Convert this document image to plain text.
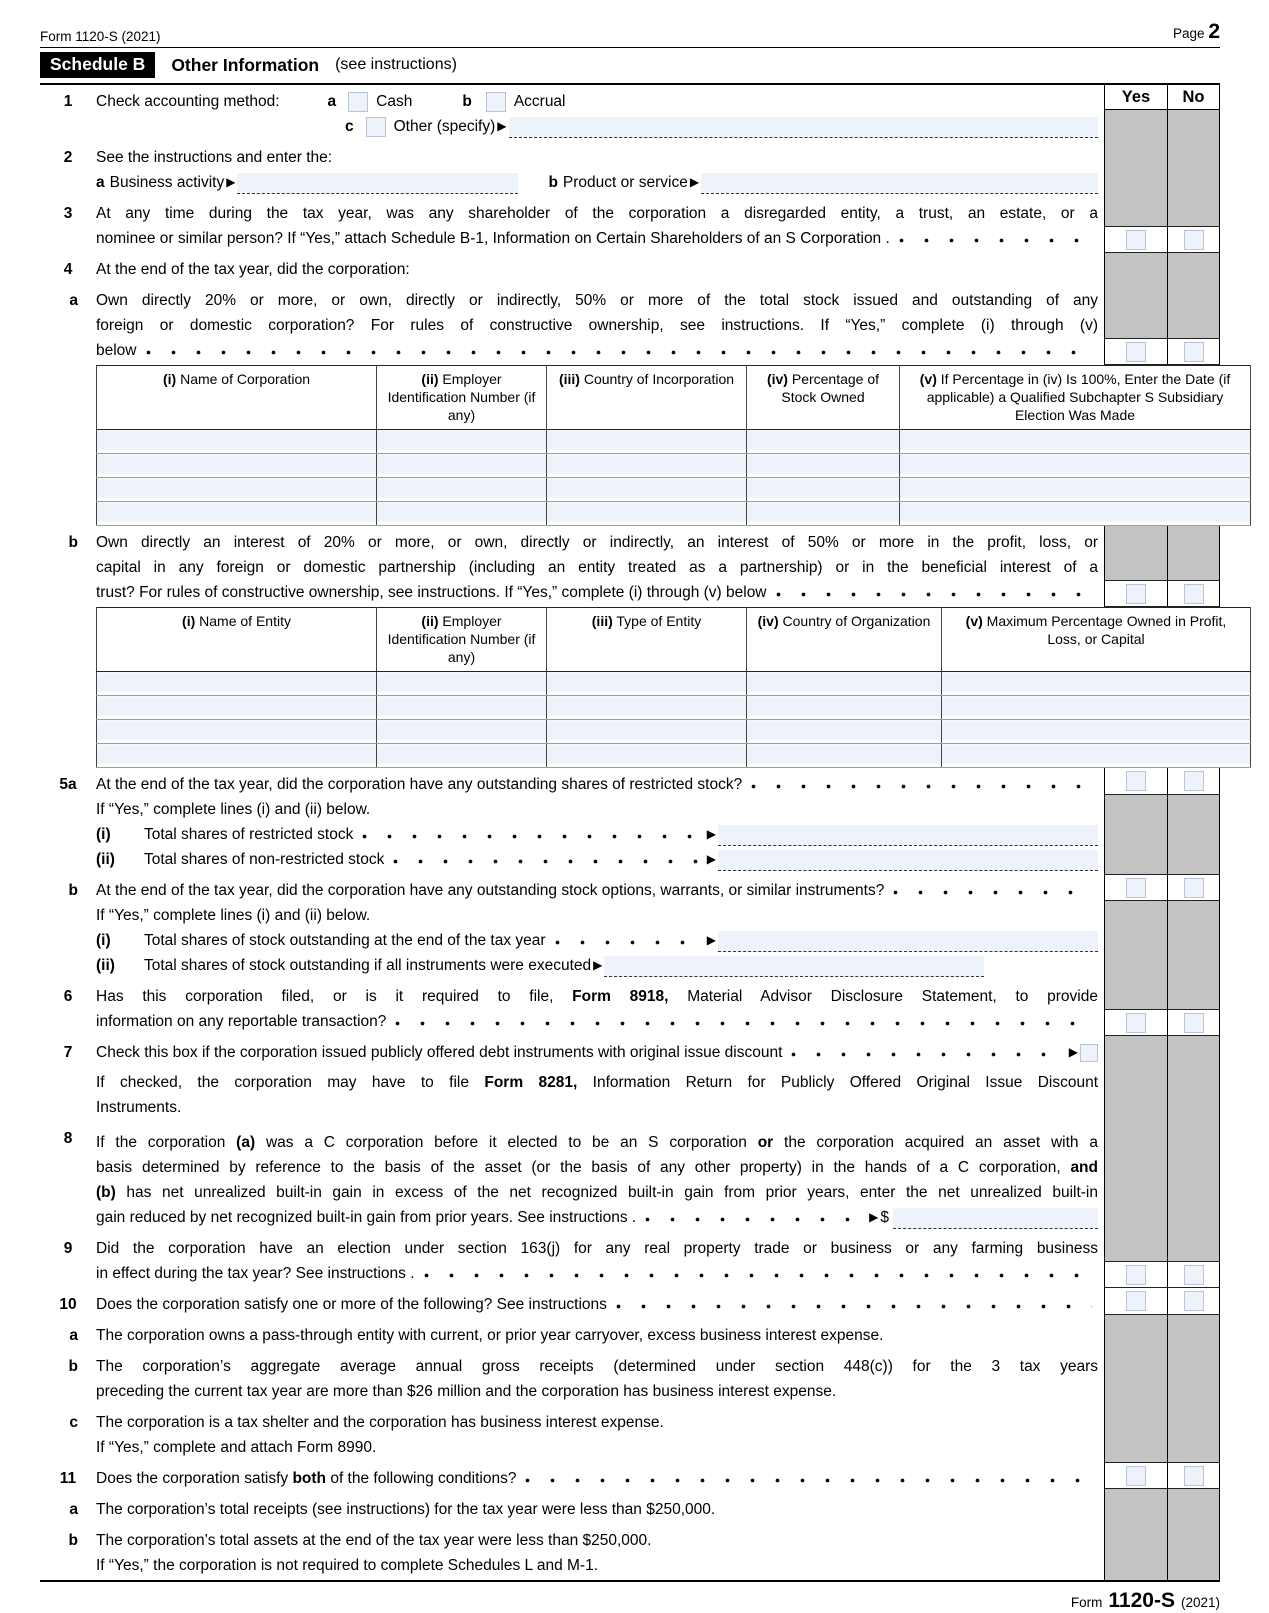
Form 1120-S (2021)	Page 2
Schedule B	Other Information (see instructions)
1	Check accounting method:	a	Cash	b	Accrual
c	Other (specify) ▶
Yes	No
2	See the instructions and enter the:
a Business activity ▶	b Product or service ▶
3	At any time during the tax year, was any shareholder of the corporation a disregarded entity, a trust, an estate, or a
nominee or similar person? If “Yes,” attach Schedule B-1, Information on Certain Shareholders of an S Corporation .
4	At the end of the tax year, did the corporation:
a	Own directly 20% or more, or own, directly or indirectly, 50% or more of the total stock issued and outstanding of any
foreign or domestic corporation? For rules of constructive ownership, see instructions. If “Yes,” complete (i) through (v)
below
(i) Name of Corporation	(ii) Employer Identification Number (if any)	(iii) Country of Incorporation	(iv) Percentage of Stock Owned	(v) If Percentage in (iv) Is 100%, Enter the Date (if applicable) a Qualified Subchapter S Subsidiary Election Was Made

b	Own directly an interest of 20% or more, or own, directly or indirectly, an interest of 50% or more in the profit, loss, or
capital in any foreign or domestic partnership (including an entity treated as a partnership) or in the beneficial interest of a
trust? For rules of constructive ownership, see instructions. If “Yes,” complete (i) through (v) below
(i) Name of Entity	(ii) Employer Identification Number (if any)	(iii) Type of Entity	(iv) Country of Organization	(v) Maximum Percentage Owned in Profit, Loss, or Capital

5a	At the end of the tax year, did the corporation have any outstanding shares of restricted stock?
If “Yes,” complete lines (i) and (ii) below.
(i)	Total shares of restricted stock	▶
(ii)	Total shares of non-restricted stock	▶
b	At the end of the tax year, did the corporation have any outstanding stock options, warrants, or similar instruments?
If “Yes,” complete lines (i) and (ii) below.
(i)	Total shares of stock outstanding at the end of the tax year	▶
(ii)	Total shares of stock outstanding if all instruments were executed ▶
6	Has this corporation filed, or is it required to file, Form 8918, Material Advisor Disclosure Statement, to provide
information on any reportable transaction?
7	Check this box if the corporation issued publicly offered debt instruments with original issue discount	▶
If checked, the corporation may have to file Form 8281, Information Return for Publicly Offered Original Issue Discount
Instruments.
8	If the corporation (a) was a C corporation before it elected to be an S corporation or the corporation acquired an asset with a
basis determined by reference to the basis of the asset (or the basis of any other property) in the hands of a C corporation, and
(b) has net unrealized built-in gain in excess of the net recognized built-in gain from prior years, enter the net unrealized built-in
gain reduced by net recognized built-in gain from prior years. See instructions .	▶ $
9	Did the corporation have an election under section 163(j) for any real property trade or business or any farming business
in effect during the tax year? See instructions .
10	Does the corporation satisfy one or more of the following? See instructions
a	The corporation owns a pass-through entity with current, or prior year carryover, excess business interest expense.
b	The corporation’s aggregate average annual gross receipts (determined under section 448(c)) for the 3 tax years
preceding the current tax year are more than $26 million and the corporation has business interest expense.
c	The corporation is a tax shelter and the corporation has business interest expense.
If “Yes,” complete and attach Form 8990.
11	Does the corporation satisfy both of the following conditions?
a	The corporation’s total receipts (see instructions) for the tax year were less than $250,000.
b	The corporation’s total assets at the end of the tax year were less than $250,000.
If “Yes,” the corporation is not required to complete Schedules L and M-1.
Form 1120-S (2021)
